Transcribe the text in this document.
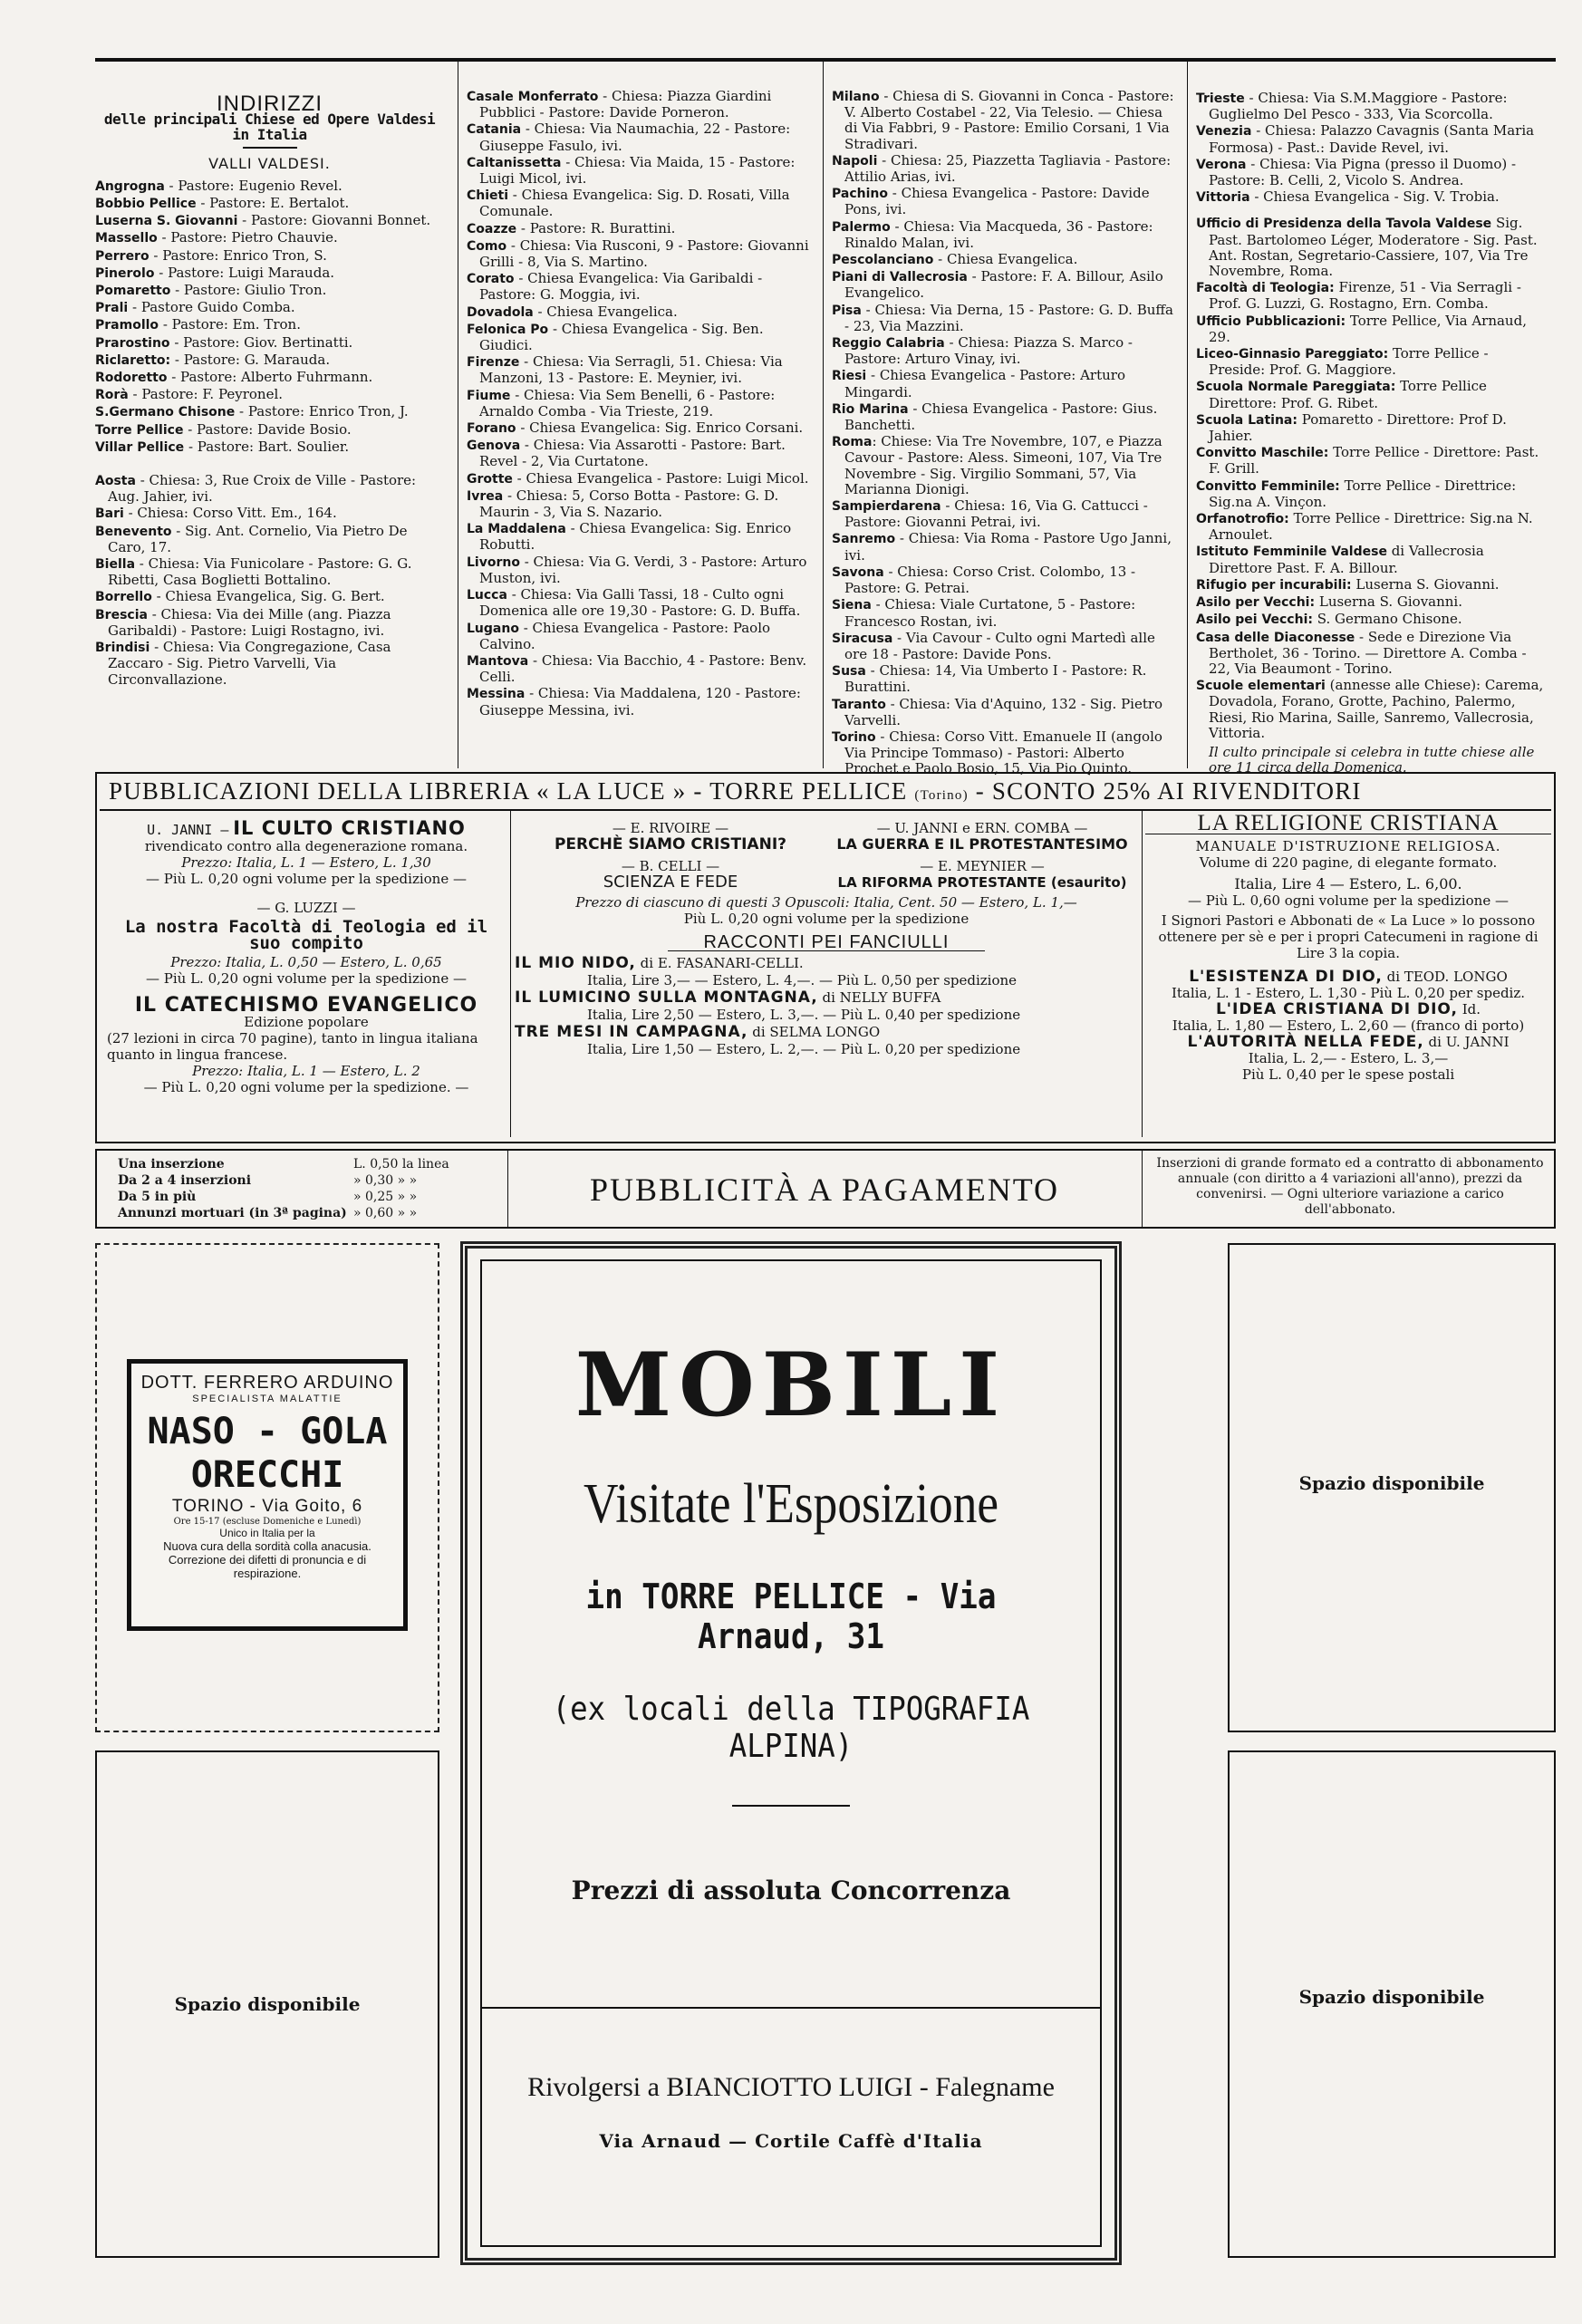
INDIRIZZI
delle principali Chiese ed Opere Valdesi in Italia
VALLI VALDESI.
Angrogna - Pastore: Eugenio Revel.
Bobbio Pellice - Pastore: E. Bertalot.
Luserna S. Giovanni - Pastore: Giovanni Bonnet.
Massello - Pastore: Pietro Chauvie.
Perrero - Pastore: Enrico Tron, S.
Pinerolo - Pastore: Luigi Marauda.
Pomaretto - Pastore: Giulio Tron.
Prali - Pastore Guido Comba.
Pramollo - Pastore: Em. Tron.
Prarostino - Pastore: Giov. Bertinatti.
Riclaretto: - Pastore: G. Marauda.
Rodoretto - Pastore: Alberto Fuhrmann.
Rorà - Pastore: F. Peyronel.
S.Germano Chisone - Pastore: Enrico Tron, J.
Torre Pellice - Pastore: Davide Bosio.
Villar Pellice - Pastore: Bart. Soulier.
Aosta - Chiesa: 3, Rue Croix de Ville - Pastore: Aug. Jahier, ivi.
Bari - Chiesa: Corso Vitt. Em., 164.
Benevento - Sig. Ant. Cornelio, Via Pietro De Caro, 17.
Biella - Chiesa: Via Funicolare - Pastore: G. G. Ribetti, Casa Boglietti Bottalino.
Borrello - Chiesa Evangelica, Sig. G. Bert.
Brescia - Chiesa: Via dei Mille (ang. Piazza Garibaldi) - Pastore: Luigi Rostagno, ivi.
Brindisi - Chiesa: Via Congregazione, Casa Zaccaro - Sig. Pietro Varvelli, Via Circonvallazione.
Casale Monferrato - Chiesa: Piazza Giardini Pubblici - Pastore: Davide Porneron.
Catania - Chiesa: Via Naumachia, 22 - Pastore: Giuseppe Fasulo, ivi.
Caltanissetta - Chiesa: Via Maida, 15 - Pastore: Luigi Micol, ivi.
Chieti - Chiesa Evangelica: Sig. D. Rosati, Villa Comunale.
Coazze - Pastore: R. Burattini.
Como - Chiesa: Via Rusconi, 9 - Pastore: Giovanni Grilli - 8, Via S. Martino.
Corato - Chiesa Evangelica: Via Garibaldi - Pastore: G. Moggia, ivi.
Dovadola - Chiesa Evangelica.
Felonica Po - Chiesa Evangelica - Sig. Ben. Giudici.
Firenze - Chiesa: Via Serragli, 51. Chiesa: Via Manzoni, 13 - Pastore: E. Meynier, ivi.
Fiume - Chiesa: Via Sem Benelli, 6 - Pastore: Arnaldo Comba - Via Trieste, 219.
Forano - Chiesa Evangelica: Sig. Enrico Corsani.
Genova - Chiesa: Via Assarotti - Pastore: Bart. Revel - 2, Via Curtatone.
Grotte - Chiesa Evangelica - Pastore: Luigi Micol.
Ivrea - Chiesa: 5, Corso Botta - Pastore: G. D. Maurin - 3, Via S. Nazario.
La Maddalena - Chiesa Evangelica: Sig. Enrico Robutti.
Livorno - Chiesa: Via G. Verdi, 3 - Pastore: Arturo Muston, ivi.
Lucca - Chiesa: Via Galli Tassi, 18 - Culto ogni Domenica alle ore 19,30 - Pastore: G. D. Buffa.
Lugano - Chiesa Evangelica - Pastore: Paolo Calvino.
Mantova - Chiesa: Via Bacchio, 4 - Pastore: Benv. Celli.
Messina - Chiesa: Via Maddalena, 120 - Pastore: Giuseppe Messina, ivi.
Milano - Chiesa di S. Giovanni in Conca - Pastore: V. Alberto Costabel - 22, Via Telesio. — Chiesa di Via Fabbri, 9 - Pastore: Emilio Corsani, 1 Via Stradivari.
Napoli - Chiesa: 25, Piazzetta Tagliavia - Pastore: Attilio Arias, ivi.
Pachino - Chiesa Evangelica - Pastore: Davide Pons, ivi.
Palermo - Chiesa: Via Macqueda, 36 - Pastore: Rinaldo Malan, ivi.
Pescolanciano - Chiesa Evangelica.
Piani di Vallecrosia - Pastore: F. A. Billour, Asilo Evangelico.
Pisa - Chiesa: Via Derna, 15 - Pastore: G. D. Buffa - 23, Via Mazzini.
Reggio Calabria - Chiesa: Piazza S. Marco - Pastore: Arturo Vinay, ivi.
Riesi - Chiesa Evangelica - Pastore: Arturo Mingardi.
Rio Marina - Chiesa Evangelica - Pastore: Gius. Banchetti.
Roma: Chiese: Via Tre Novembre, 107, e Piazza Cavour - Pastore: Aless. Simeoni, 107, Via Tre Novembre - Sig. Virgilio Sommani, 57, Via Marianna Dionigi.
Sampierdarena - Chiesa: 16, Via G. Cattucci - Pastore: Giovanni Petrai, ivi.
Sanremo - Chiesa: Via Roma - Pastore Ugo Janni, ivi.
Savona - Chiesa: Corso Crist. Colombo, 13 - Pastore: G. Petrai.
Siena - Chiesa: Viale Curtatone, 5 - Pastore: Francesco Rostan, ivi.
Siracusa - Via Cavour - Culto ogni Martedì alle ore 18 - Pastore: Davide Pons.
Susa - Chiesa: 14, Via Umberto I - Pastore: R. Burattini.
Taranto - Chiesa: Via d'Aquino, 132 - Sig. Pietro Varvelli.
Torino - Chiesa: Corso Vitt. Emanuele II (angolo Via Principe Tommaso) - Pastori: Alberto Prochet e Paolo Bosio, 15, Via Pio Quinto.
Trieste - Chiesa: Via S.M.Maggiore - Pastore: Guglielmo Del Pesco - 333, Via Scorcolla.
Venezia - Chiesa: Palazzo Cavagnis (Santa Maria Formosa) - Past.: Davide Revel, ivi.
Verona - Chiesa: Via Pigna (presso il Duomo) - Pastore: B. Celli, 2, Vicolo S. Andrea.
Vittoria - Chiesa Evangelica - Sig. V. Trobia.
Ufficio di Presidenza della Tavola Valdese Sig. Past. Bartolomeo Léger, Moderatore - Sig. Past. Ant. Rostan, Segretario-Cassiere, 107, Via Tre Novembre, Roma.
Facoltà di Teologia: Firenze, 51 - Via Serragli - Prof. G. Luzzi, G. Rostagno, Ern. Comba.
Ufficio Pubblicazioni: Torre Pellice, Via Arnaud, 29.
Liceo-Ginnasio Pareggiato: Torre Pellice - Preside: Prof. G. Maggiore.
Scuola Normale Pareggiata: Torre Pellice Direttore: Prof. G. Ribet.
Scuola Latina: Pomaretto - Direttore: Prof D. Jahier.
Convitto Maschile: Torre Pellice - Direttore: Past. F. Grill.
Convitto Femminile: Torre Pellice - Direttrice: Sig.na A. Vinçon.
Orfanotrofio: Torre Pellice - Direttrice: Sig.na N. Arnoulet.
Istituto Femminile Valdese di Vallecrosia Direttore Past. F. A. Billour.
Rifugio per incurabili: Luserna S. Giovanni.
Asilo per Vecchi: Luserna S. Giovanni.
Asilo pei Vecchi: S. Germano Chisone.
Casa delle Diaconesse - Sede e Direzione Via Bertholet, 36 - Torino. — Direttore A. Comba - 22, Via Beaumont - Torino.
Scuole elementari (annesse alle Chiese): Carema, Dovadola, Forano, Grotte, Pachino, Palermo, Riesi, Rio Marina, Saille, Sanremo, Vallecrosia, Vittoria.
Il culto principale si celebra in tutte chiese alle ore 11 circa della Domenica.
PUBBLICAZIONI DELLA LIBRERIA « LA LUCE » - TORRE PELLICE (Torino) - SCONTO 25% AI RIVENDITORI
U. JANNI — IL CULTO CRISTIANO
rivendicato contro alla degenerazione romana.
Prezzo: Italia, L. 1 — Estero, L. 1,30
— Più L. 0,20 ogni volume per la spedizione —
— G. LUZZI —
La nostra Facoltà di Teologia ed il suo compito
Prezzo: Italia, L. 0,50 — Estero, L. 0,65
— Più L. 0,20 ogni volume per la spedizione —
IL CATECHISMO EVANGELICO
Edizione popolare
(27 lezioni in circa 70 pagine), tanto in lingua italiana quanto in lingua francese.
Prezzo: Italia, L. 1 — Estero, L. 2
— Più L. 0,20 ogni volume per la spedizione. —
— E. RIVOIRE —
PERCHÈ SIAMO CRISTIANI?
— B. CELLI —
SCIENZA E FEDE
— U. JANNI e ERN. COMBA —
LA GUERRA E IL PROTESTANTESIMO
— E. MEYNIER —
LA RIFORMA PROTESTANTE (esaurito)
Prezzo di ciascuno di questi 3 Opuscoli: Italia, Cent. 50 — Estero, L. 1,—
Più L. 0,20 ogni volume per la spedizione
RACCONTI PEI FANCIULLI
IL MIO NIDO, di E. FASANARI-CELLI.
Italia, Lire 3,— — Estero, L. 4,—. — Più L. 0,50 per spedizione
IL LUMICINO SULLA MONTAGNA, di NELLY BUFFA
Italia, Lire 2,50 — Estero, L. 3,—. — Più L. 0,40 per spedizione
TRE MESI IN CAMPAGNA, di SELMA LONGO
Italia, Lire 1,50 — Estero, L. 2,—. — Più L. 0,20 per spedizione
LA RELIGIONE CRISTIANA
MANUALE D'ISTRUZIONE RELIGIOSA.
Volume di 220 pagine, di elegante formato.
Italia, Lire 4 — Estero, L. 6,00.
— Più L. 0,60 ogni volume per la spedizione —
I Signori Pastori e Abbonati de « La Luce » lo possono ottenere per sè e per i propri Catecumeni in ragione di Lire 3 la copia.
L'ESISTENZA DI DIO, di TEOD. LONGO
Italia, L. 1 - Estero, L. 1,30 - Più L. 0,20 per spediz.
L'IDEA CRISTIANA DI DIO, Id.
Italia, L. 1,80 — Estero, L. 2,60 — (franco di porto)
L'AUTORITÀ NELLA FEDE, di U. JANNI
Italia, L. 2,— - Estero, L. 3,—
Più L. 0,40 per le spese postali
Una inserzione	L. 0,50 la linea
Da 2 a 4 inserzioni	» 0,30 » »
Da 5 in più	» 0,25 » »
Annunzi mortuari (in 3ª pagina) » 0,60 » »
PUBBLICITÀ A PAGAMENTO
Inserzioni di grande formato ed a contratto di abbonamento annuale (con diritto a 4 variazioni all'anno), prezzi da convenirsi. — Ogni ulteriore variazione a carico dell'abbonato.
DOTT. FERRERO ARDUINO
SPECIALISTA MALATTIE
NASO - GOLA
ORECCHI
TORINO - Via Goito, 6
Ore 15-17 (escluse Domeniche e Lunedì)
Unico in Italia per la
Nuova cura della sordità colla anacusia.
Correzione dei difetti di pronuncia e di respirazione.
Spazio disponibile
MOBILI
Visitate l'Esposizione
in TORRE PELLICE - Via Arnaud, 31
(ex locali della TIPOGRAFIA ALPINA)
Prezzi di assoluta Concorrenza
Rivolgersi a BIANCIOTTO LUIGI - Falegname
Via Arnaud — Cortile Caffè d'Italia
Spazio disponibile
Spazio disponibile
